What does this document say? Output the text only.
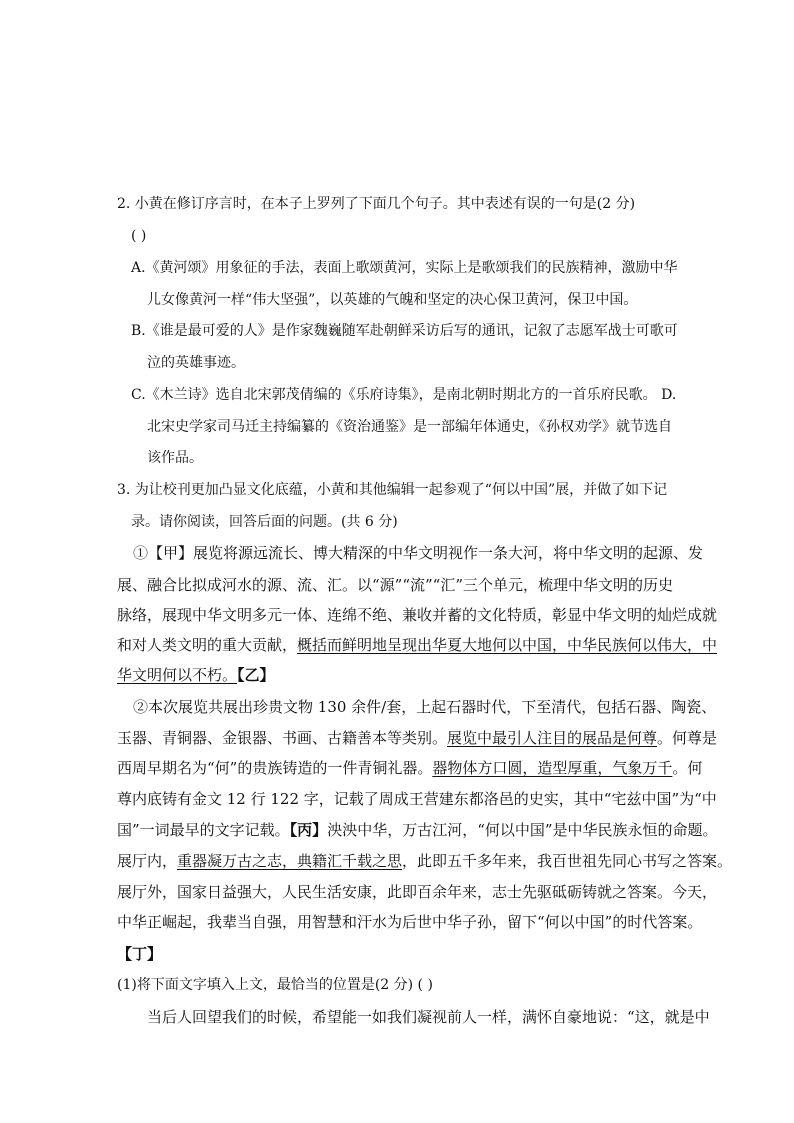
2. 小黄在修订序言时，在本子上罗列了下面几个句子。其中表述有误的一句是(2 分)
( )
A.《黄河颂》用象征的手法，表面上歌颂黄河，实际上是歌颂我们的民族精神，激励中华
儿女像黄河一样“伟大坚强”，以英雄的气魄和坚定的决心保卫黄河，保卫中国。
B.《谁是最可爱的人》是作家魏巍随军赴朝鲜采访后写的通讯，记叙了志愿军战士可歌可
泣的英雄事迹。
C.《木兰诗》选自北宋郭茂倩编的《乐府诗集》，是南北朝时期北方的一首乐府民歌。 D.
北宋史学家司马迁主持编纂的《资治通鉴》是一部编年体通史，《孙权劝学》就节选自
该作品。
3. 为让校刊更加凸显文化底蕴，小黄和其他编辑一起参观了“何以中国”展，并做了如下记
录。请你阅读，回答后面的问题。(共 6 分)
①【甲】展览将源远流长、博大精深的中华文明视作一条大河，将中华文明的起源、发
展、融合比拟成河水的源、流、汇。以“源”“流”“汇”三个单元，梳理中华文明的历史
脉络，展现中华文明多元一体、连绵不绝、兼收并蓄的文化特质，彰显中华文明的灿烂成就
和对人类文明的重大贡献，概括而鲜明地呈现出华夏大地何以中国，中华民族何以伟大，中
华文明何以不朽。【乙】
②本次展览共展出珍贵文物 130 余件/套，上起石器时代，下至清代，包括石器、陶瓷、
玉器、青铜器、金银器、书画、古籍善本等类别。展览中最引人注目的展品是何尊。何尊是
西周早期名为“何”的贵族铸造的一件青铜礼器。器物体方口圆，造型厚重，气象万千。何
尊内底铸有金文 12 行 122 字，记载了周成王营建东都洛邑的史实，其中“宅兹中国”为“中
国”一词最早的文字记载。【丙】泱泱中华，万古江河，“何以中国”是中华民族永恒的命题。
展厅内，重器凝万古之志，典籍汇千载之思，此即五千多年来，我百世祖先同心书写之答案。
展厅外，国家日益强大，人民生活安康，此即百余年来，志士先驱砥砺铸就之答案。今天，
中华正崛起，我辈当自强，用智慧和汗水为后世中华子孙，留下“何以中国”的时代答案。
【丁】
(1)将下面文字填入上文，最恰当的位置是(2 分) ( )
当后人回望我们的时候，希望能一如我们凝视前人一样，满怀自豪地说：“这，就是中
